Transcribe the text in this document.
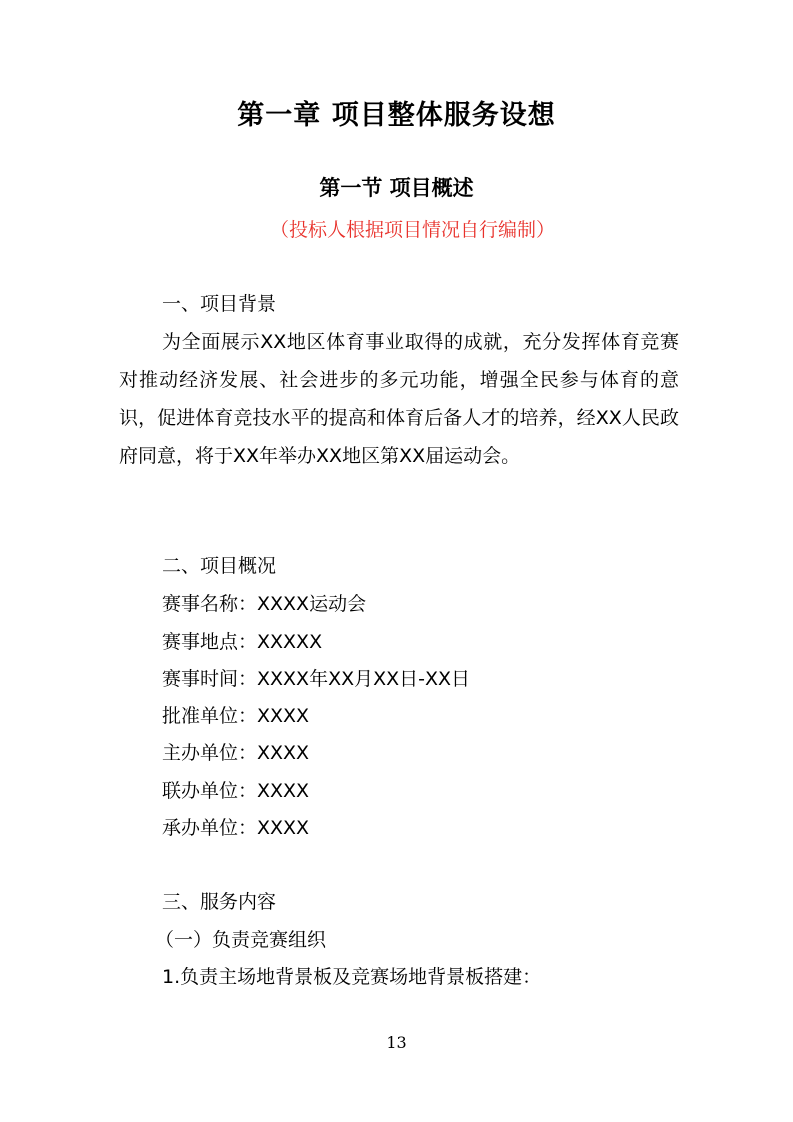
第一章 项目整体服务设想
第一节 项目概述
（投标人根据项目情况自行编制）
一、项目背景
为全面展示XX地区体育事业取得的成就，充分发挥体育竞赛对推动经济发展、社会进步的多元功能，增强全民参与体育的意识，促进体育竞技水平的提高和体育后备人才的培养，经XX人民政府同意，将于XX年举办XX地区第XX届运动会。
二、项目概况
赛事名称：XXXX运动会
赛事地点：XXXXX
赛事时间：XXXX年XX月XX日-XX日
批准单位：XXXX
主办单位：XXXX
联办单位：XXXX
承办单位：XXXX
三、服务内容
（一）负责竞赛组织
1.负责主场地背景板及竞赛场地背景板搭建：
13
